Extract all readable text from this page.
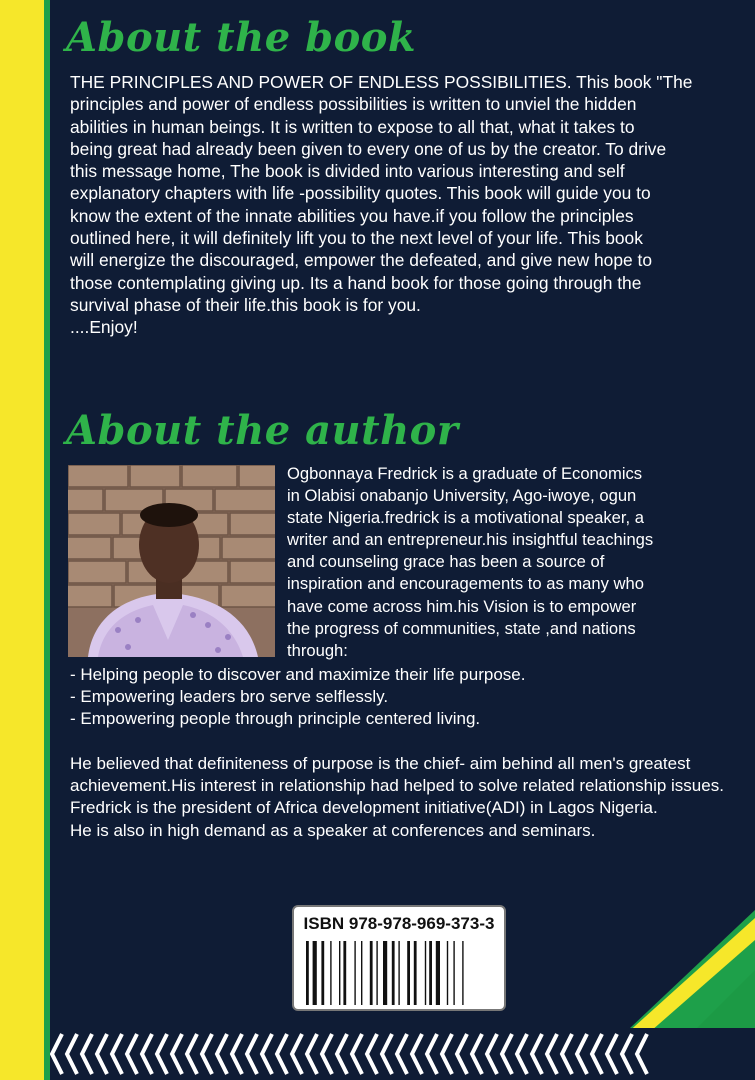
About the book
THE PRINCIPLES AND POWER OF ENDLESS POSSIBILITIES. This book "The
principles and power of endless possibilities is written to unviel the hidden
abilities in human beings. It is written to expose to all that, what it takes to
being great had already been given to every one of us by the creator. To drive
this message home, The book is divided into various interesting and self
explanatory chapters with life -possibility quotes. This book will guide you to
know the extent of the innate abilities you have.if you follow the principles
outlined here, it will definitely lift you to the next level of your life. This book
will energize the discouraged, empower the defeated, and give new hope to
those contemplating giving up. Its a hand book for those going through the
survival phase of their life.this book is for you.
....Enjoy!
About the author
Ogbonnaya Fredrick is a graduate of Economics
in Olabisi onabanjo University, Ago-iwoye, ogun
state Nigeria.fredrick is a motivational speaker, a
writer and an entrepreneur.his insightful teachings
and counseling grace has been a source of
inspiration and encouragements to as many who
have come across him.his Vision is to empower
the progress of communities, state ,and nations
through:
- Helping people to discover and maximize their life purpose.
- Empowering leaders bro serve selflessly.
- Empowering people through principle centered living.

He believed that definiteness of purpose is the chief- aim behind all men's greatest achievement.His interest in relationship had helped to solve related relationship issues.

Fredrick is the president of Africa development initiative(ADI) in Lagos Nigeria.

He is also in high demand as a speaker at conferences and seminars.

ISBN 978-978-969-373-3
